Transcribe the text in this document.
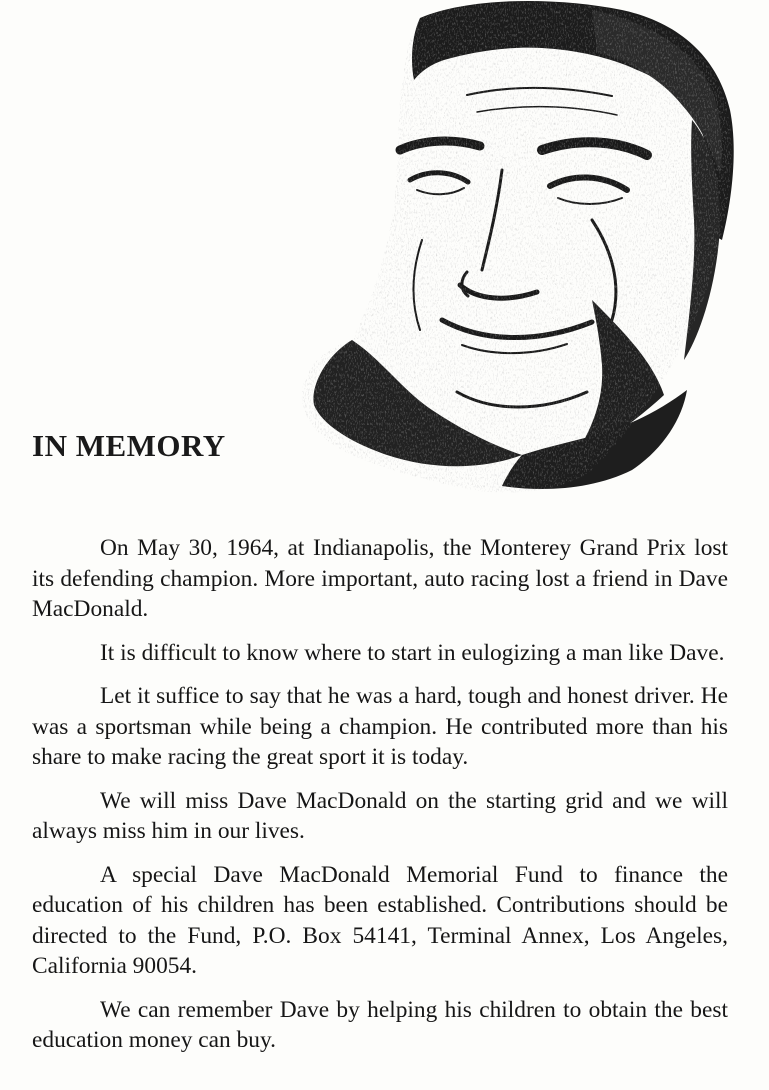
IN MEMORY

On May 30, 1964, at Indianapolis, the Monterey Grand Prix lost its defending champion. More important, auto racing lost a friend in Dave MacDonald.

It is difficult to know where to start in eulogizing a man like Dave.

Let it suffice to say that he was a hard, tough and honest driver. He was a sportsman while being a champion. He contributed more than his share to make racing the great sport it is today.

We will miss Dave MacDonald on the starting grid and we will always miss him in our lives.

A special Dave MacDonald Memorial Fund to finance the education of his children has been established. Contributions should be directed to the Fund, P.O. Box 54141, Terminal Annex, Los Angeles, California 90054.

We can remember Dave by helping his children to obtain the best education money can buy.
